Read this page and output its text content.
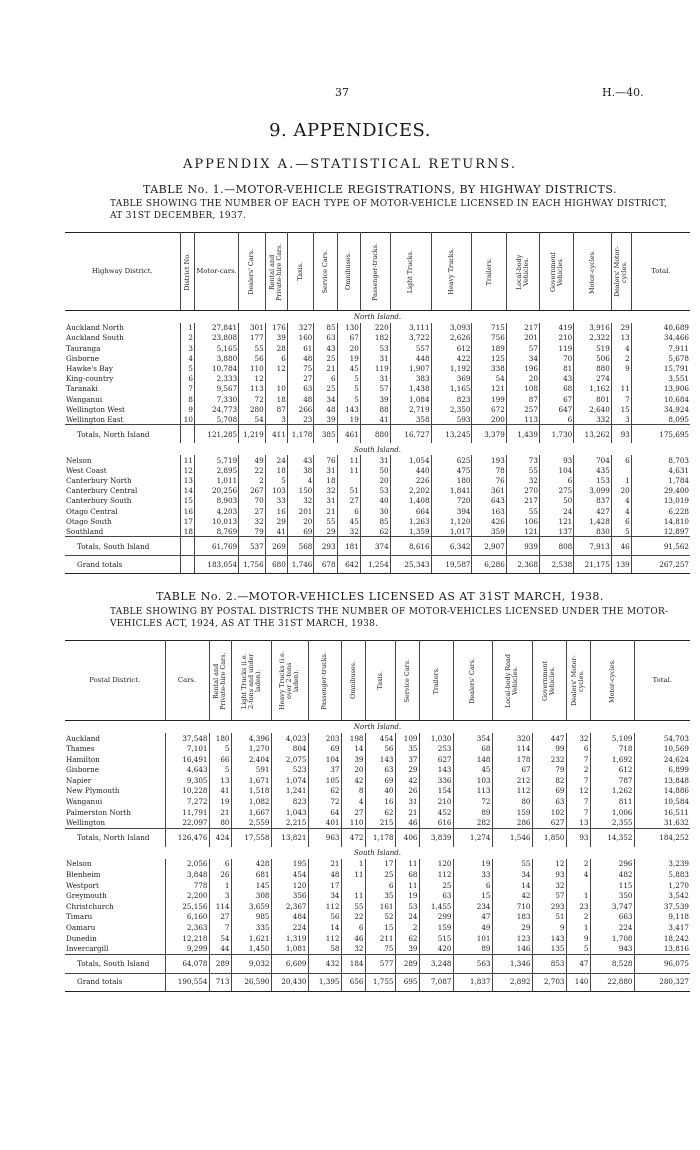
37	H.—40.
9. APPENDICES.
APPENDIX A.—STATISTICAL RETURNS.
TABLE No. 1.—MOTOR-VEHICLE REGISTRATIONS, BY HIGHWAY DISTRICTS.
TABLE SHOWING THE NUMBER OF EACH TYPE OF MOTOR-VEHICLE LICENSED IN EACH HIGHWAY DISTRICT, AT 31ST DECEMBER, 1937.
Highway District.	District No.	Motor-cars.	Dealers' Cars.	Rental and Private-hire Cars.	Taxis.	Service Cars.	Omnibuses.	Passenger-trucks.	Light Trucks.	Heavy Trucks.	Trailers.	Local-body Vehicles.	Government Vehicles.	Motor-cycles.	Dealers' Motor-cycles.	Total.

North Island.																
Auckland North	1	27,841	301	176	327	85	130	220	3,111	3,093	715	217	419	3,916	29	40,689
Auckland South	2	23,808	177	39	160	63	67	182	3,722	2,626	756	201	210	2,322	13	34,466
Tauranga	3	5,165	55	28	61	43	20	53	557	612	189	57	119	519	4	7,911
Gisborne	4	3,880	56	6	48	25	19	31	448	422	125	34	70	506	2	5,678
Hawke's Bay	5	10,784	110	12	75	21	45	119	1,907	1,192	338	196	81	880	9	15,791
King-country	6	2,333	12		27	6	5	31	383	369	54	20	43	274		3,551
Taranaki	7	9,567	113	10	63	25	5	57	1,438	1,165	121	108	68	1,162	11	13,906
Wanganui	8	7,330	72	18	48	34	5	39	1,084	823	199	87	67	801	7	10,684
Wellington West	9	24,773	280	87	266	48	143	88	2,719	2,350	672	257	647	2,640	15	34,924
Wellington East	10	5,708	54	3	23	39	19	41	358	593	200	113	6	332	3	8,095
Totals, North Island		121,285	1,219	411	1,178	385	461	880	16,727	13,245	3,379	1,439	1,730	13,262	93	175,695
South Island.																
Nelson	11	5,719	49	24	43	76	11	31	1,054	625	193	73	93	704	6	8,703
West Coast	12	2,895	22	18	38	31	11	50	440	475	78	55	104	435		4,631
Canterbury North	13	1,011	2	5	4	18		20	226	180	76	32	6	153	1	1,784
Canterbury Central	14	20,256	267	103	150	32	51	53	2,202	1,841	361	270	275	3,099	20	29,400
Canterbury South	15	8,903	70	33	32	31	27	40	1,408	720	643	217	50	837	4	13,019
Otago Central	16	4,203	27	16	201	21	6	30	664	394	163	55	24	427	4	6,228
Otago South	17	10,013	32	29	20	55	45	85	1,263	1,120	426	106	121	1,428	6	14,810
Southland	18	8,769	79	41	69	29	32	62	1,359	1,017	359	121	137	830	5	12,897
Totals, South Island		61,769	537	269	568	293	181	374	8,616	6,342	2,907	939	808	7,913	46	91,562
Grand totals		183,054	1,756	680	1,746	678	642	1,254	25,343	19,587	6,286	2,368	2,538	21,175	139	267,257
TABLE No. 2.—MOTOR-VEHICLES LICENSED AS AT 31ST MARCH, 1938.
TABLE SHOWING BY POSTAL DISTRICTS THE NUMBER OF MOTOR-VEHICLES LICENSED UNDER THE MOTOR-VEHICLES ACT, 1924, AS AT THE 31ST MARCH, 1938.
Postal District.	Cars.	Rental and Private-hire Cars.	Light Trucks (i.e. 2-tons and under laden).	Heavy Trucks (i.e. over 2-tons laden).	Passenger-trucks.	Omnibuses.	Taxis.	Service Cars.	Trailers.	Dealers' Cars.	Local-body Road Vehicles.	Government Vehicles.	Dealers' Motor-cycles.	Motor-cycles.	Total.

North Island.															
Auckland	37,548	180	4,396	4,023	203	198	454	109	1,030	354	320	447	32	5,109	54,703
Thames	7,101	5	1,270	804	69	14	56	35	253	68	114	99	6	718	10,569
Hamilton	16,491	66	2,404	2,075	104	39	143	37	627	148	178	232	7	1,692	24,624
Gisborne	4,643	5	591	523	37	20	63	29	143	45	67	79	2	612	6,899
Napier	9,305	13	1,671	1,074	105	42	69	42	336	103	212	82	7	787	13,848
New Plymouth	10,228	41	1,518	1,241	62	8	40	26	154	113	112	69	12	1,262	14,886
Wanganui	7,272	19	1,082	823	72	4	16	31	210	72	80	63	7	811	10,584
Palmerston North	11,791	21	1,667	1,043	64	27	62	21	452	89	159	102	7	1,006	16,511
Wellington	22,097	80	2,559	2,215	401	110	215	46	616	282	286	627	13	2,355	31,632
Totals, North Island	126,476	424	17,558	13,821	963	472	1,178	406	3,839	1,274	1,546	1,850	93	14,352	184,252
South Island.															
Nelson	2,056	6	428	195	21	1	17	11	120	19	55	12	2	296	3,239
Blenheim	3,848	26	681	454	48	11	25	68	112	33	34	93	4	482	5,883
Westport	778	1	145	120	17		6	11	25	6	14	32		115	1,270
Greymouth	2,200	3	308	356	34	11	35	19	63	15	42	57	1	350	3,542
Christchurch	25,156	114	3,659	2,367	112	55	161	53	1,455	234	710	293	23	3,747	37,539
Timaru	6,160	27	985	484	56	22	52	24	299	47	183	51	2	663	9,118
Oamaru	2,363	7	335	224	14	6	15	2	159	49	29	9	1	224	3,417
Dunedin	12,218	54	1,621	1,319	112	46	211	62	515	101	123	143	9	1,708	18,242
Invercargill	9,299	44	1,450	1,081	58	32	75	39	420	89	146	135	5	943	13,816
Totals, South Island	64,078	289	9,032	6,609	432	184	577	289	3,248	563	1,346	853	47	8,528	96,075
Grand totals	190,554	713	26,590	20,430	1,395	656	1,755	695	7,087	1,837	2,892	2,703	140	22,880	280,327
